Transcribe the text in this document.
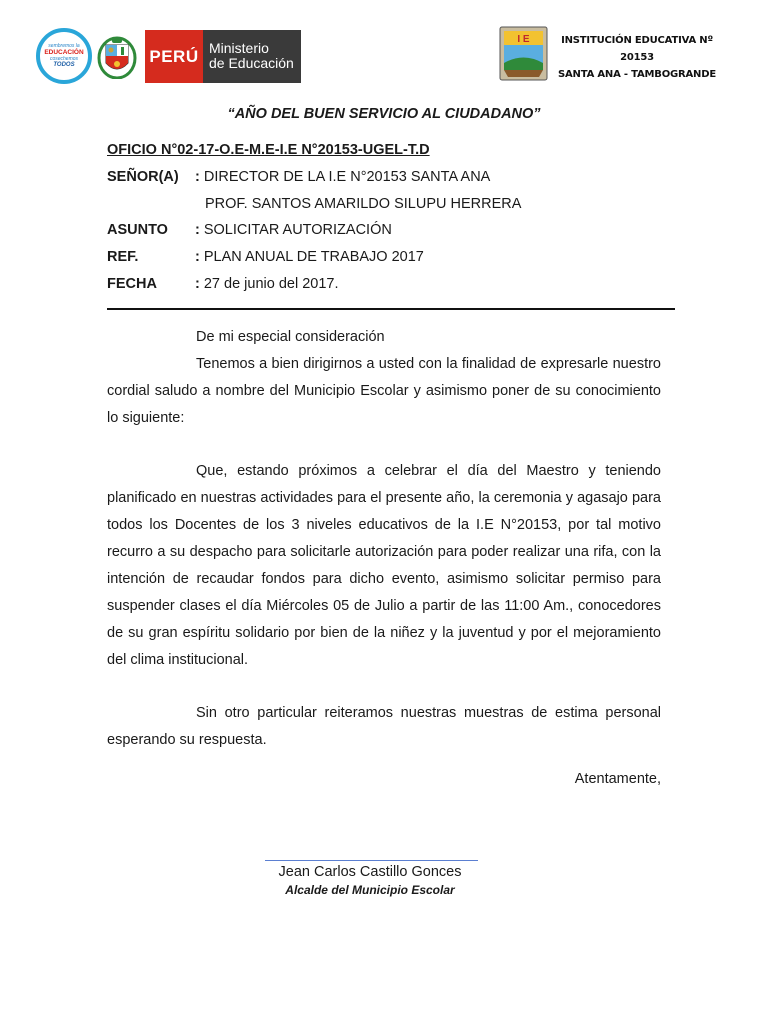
sembremos la
EDUCACIÓN
cosechemos
TODOS	PERÚ Ministerio
de Educación
I E	INSTITUCIÓN EDUCATIVA Nº 20153
SANTA ANA - TAMBOGRANDE
“AÑO DEL BUEN SERVICIO AL CIUDADANO”
OFICIO N°02-17-O.E-M.E-I.E N°20153-UGEL-T.D
SEÑOR(A)	: DIRECTOR DE LA I.E N°20153 SANTA ANA
PROF. SANTOS AMARILDO SILUPU HERRERA
ASUNTO	: SOLICITAR AUTORIZACIÓN
REF.	: PLAN ANUAL DE TRABAJO 2017
FECHA	: 27 de junio del 2017.
De mi especial consideración
Tenemos a bien dirigirnos a usted con la finalidad de expresarle nuestro cordial saludo a nombre del Municipio Escolar y asimismo poner de su conocimiento lo siguiente:
Que, estando próximos a celebrar el día del Maestro y teniendo planificado en nuestras actividades para el presente año, la ceremonia y agasajo para todos los Docentes de los 3 niveles educativos de la I.E N°20153, por tal motivo recurro a su despacho para solicitarle autorización para poder realizar una rifa, con la intención de recaudar fondos para dicho evento, asimismo solicitar permiso para suspender clases el día Miércoles 05 de Julio a partir de las 11:00 Am., conocedores de su gran espíritu solidario por bien de la niñez y la juventud y por el mejoramiento del clima institucional.
Sin otro particular reiteramos nuestras muestras de estima personal esperando su respuesta.
Atentamente,
Jean Carlos Castillo Gonces
Alcalde del Municipio Escolar
